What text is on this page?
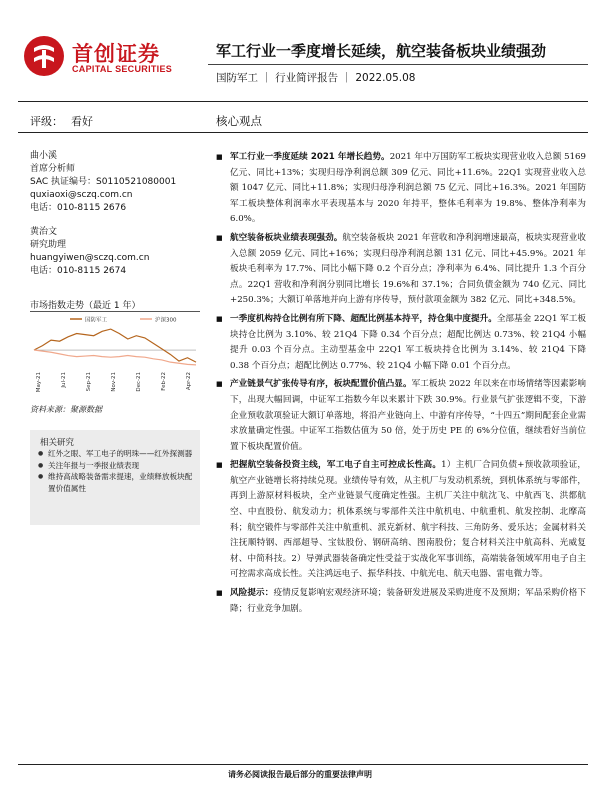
首创证券
CAPITAL SECURITIES
军工行业一季度增长延续，航空装备板块业绩强劲
国防军工 ｜ 行业简评报告 ｜ 2022.05.08
评级： 看好	核心观点
曲小溪
首席分析师
SAC 执证编号：S0110521080001
quxiaoxi@sczq.com.cn
电话：010-8115 2676
黄治文
研究助理
huangyiwen@sczq.com.cn
电话：010-8115 2674
市场指数走势（最近 1 年）
国防军工	沪深300
May-21	Jul-21	Sep-21	Nov-21	Dec-21	Feb-22	Apr-22
资料来源：聚源数据
相关研究
● 红外之眼、军工电子的明珠——红外探测器
● 关注年报与一季报业绩表现
● 维持高战略装备需求提速，业绩释放板块配置价值属性
■ 军工行业一季度延续 2021 年增长趋势。2021 年中万国防军工板块实现营业收入总额 5169 亿元、同比+13%；实现归母净利润总额 309 亿元、同比+11.6%。22Q1 实现营业收入总额 1047 亿元、同比+11.8%；实现归母净利润总额 75 亿元、同比+16.3%。2021 年国防军工板块整体利润率水平表现基本与 2020 年持平，整体毛利率为 19.8%、整体净利率为 6.0%。
■ 航空装备板块业绩表现强劲。航空装备板块 2021 年营收和净利润增速最高，板块实现营业收入总额 2059 亿元、同比+16%；实现归母净利润总额 131 亿元、同比+45.9%。2021 年板块毛利率为 17.7%、同比小幅下降 0.2 个百分点；净利率为 6.4%、同比提升 1.3 个百分点。22Q1 营收和净利润分别同比增长 19.6%和 37.1%；合同负债金额为 740 亿元、同比+250.3%；大额订单落地并向上游有序传导，预付款项金额为 382 亿元、同比+348.5%。
■ 一季度机构持仓比例有所下降、超配比例基本持平，持仓集中度提升。全部基金 22Q1 军工板块持仓比例为 3.10%、较 21Q4 下降 0.34 个百分点；超配比例达 0.73%、较 21Q4 小幅提升 0.03 个百分点。主动型基金中 22Q1 军工板块持仓比例为 3.14%、较 21Q4 下降 0.38 个百分点；超配比例达 0.77%、较 21Q4 小幅下降 0.01 个百分点。
■ 产业链景气扩张传导有序，板块配置价值凸显。军工板块 2022 年以来在市场情绪等因素影响下，出现大幅回调，中证军工指数今年以来累计下跌 30.9%。行业景气扩张逻辑不变，下游企业预收款项验证大额订单落地，将沿产业链向上、中游有序传导，“十四五”期间配套企业需求放量确定性强。中证军工指数估值为 50 倍，处于历史 PE 的 6%分位值，继续看好当前位置下板块配置价值。
■ 把握航空装备投资主线，军工电子自主可控成长性高。1）主机厂合同负债+预收款项验证，航空产业链增长将持续兑现。业绩传导有效，从主机厂与发动机系统，到机体系统与零部件，再到上游原材料板块，全产业链景气度确定性强。主机厂关注中航沈飞、中航西飞、洪都航空、中直股份、航发动力；机体系统与零部件关注中航机电、中航重机、航发控制、北摩高科；航空锻件与零部件关注中航重机、派克新材、航宇科技、三角防务、爱乐达；金属材料关注抚顺特钢、西部超导、宝钛股份、钢研高纳、图南股份；复合材料关注中航高科、光威复材、中简科技。2）导弹武器装备确定性受益于实战化军事训练，高端装备领域军用电子自主可控需求高成长性。关注鸿远电子、振华科技、中航光电、航天电器、雷电微力等。
■ 风险提示：疫情反复影响宏观经济环境；装备研发进展及采购进度不及预期；军品采购价格下降；行业竞争加剧。
请务必阅读报告最后部分的重要法律声明
